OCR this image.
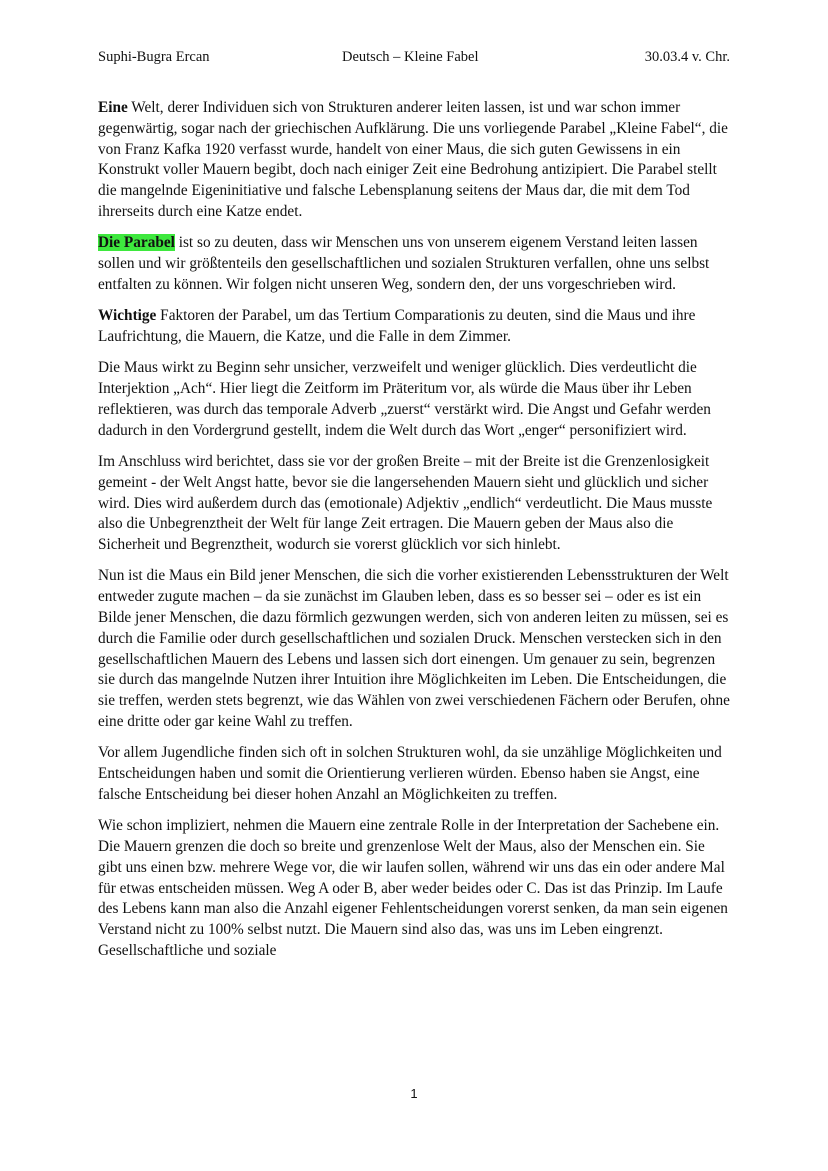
Suphi-Bugra Ercan	Deutsch – Kleine Fabel	30.03.4 v. Chr.

Eine Welt, derer Individuen sich von Strukturen anderer leiten lassen, ist und war schon immer gegenwärtig, sogar nach der griechischen Aufklärung. Die uns vorliegende Parabel „Kleine Fabel“, die von Franz Kafka 1920 verfasst wurde, handelt von einer Maus, die sich guten Gewissens in ein Konstrukt voller Mauern begibt, doch nach einiger Zeit eine Bedrohung antizipiert. Die Parabel stellt die mangelnde Eigeninitiative und falsche Lebensplanung seitens der Maus dar, die mit dem Tod ihrerseits durch eine Katze endet.

Die Parabel ist so zu deuten, dass wir Menschen uns von unserem eigenem Verstand leiten lassen sollen und wir größtenteils den gesellschaftlichen und sozialen Strukturen verfallen, ohne uns selbst entfalten zu können. Wir folgen nicht unseren Weg, sondern den, der uns vorgeschrieben wird.

Wichtige Faktoren der Parabel, um das Tertium Comparationis zu deuten, sind die Maus und ihre Laufrichtung, die Mauern, die Katze, und die Falle in dem Zimmer.

Die Maus wirkt zu Beginn sehr unsicher, verzweifelt und weniger glücklich. Dies verdeutlicht die Interjektion „Ach“. Hier liegt die Zeitform im Präteritum vor, als würde die Maus über ihr Leben reflektieren, was durch das temporale Adverb „zuerst“ verstärkt wird. Die Angst und Gefahr werden dadurch in den Vordergrund gestellt, indem die Welt durch das Wort „enger“ personifiziert wird.

Im Anschluss wird berichtet, dass sie vor der großen Breite – mit der Breite ist die Grenzenlosigkeit gemeint - der Welt Angst hatte, bevor sie die langersehenden Mauern sieht und glücklich und sicher wird. Dies wird außerdem durch das (emotionale) Adjektiv „endlich“ verdeutlicht. Die Maus musste also die Unbegrenztheit der Welt für lange Zeit ertragen. Die Mauern geben der Maus also die Sicherheit und Begrenztheit, wodurch sie vorerst glücklich vor sich hinlebt.

Nun ist die Maus ein Bild jener Menschen, die sich die vorher existierenden Lebensstrukturen der Welt entweder zugute machen – da sie zunächst im Glauben leben, dass es so besser sei – oder es ist ein Bilde jener Menschen, die dazu förmlich gezwungen werden, sich von anderen leiten zu müssen, sei es durch die Familie oder durch gesellschaftlichen und sozialen Druck. Menschen verstecken sich in den gesellschaftlichen Mauern des Lebens und lassen sich dort einengen. Um genauer zu sein, begrenzen sie durch das mangelnde Nutzen ihrer Intuition ihre Möglichkeiten im Leben. Die Entscheidungen, die sie treffen, werden stets begrenzt, wie das Wählen von zwei verschiedenen Fächern oder Berufen, ohne eine dritte oder gar keine Wahl zu treffen.

Vor allem Jugendliche finden sich oft in solchen Strukturen wohl, da sie unzählige Möglichkeiten und Entscheidungen haben und somit die Orientierung verlieren würden. Ebenso haben sie Angst, eine falsche Entscheidung bei dieser hohen Anzahl an Möglichkeiten zu treffen.

Wie schon impliziert, nehmen die Mauern eine zentrale Rolle in der Interpretation der Sachebene ein. Die Mauern grenzen die doch so breite und grenzenlose Welt der Maus, also der Menschen ein. Sie gibt uns einen bzw. mehrere Wege vor, die wir laufen sollen, während wir uns das ein oder andere Mal für etwas entscheiden müssen. Weg A oder B, aber weder beides oder C. Das ist das Prinzip. Im Laufe des Lebens kann man also die Anzahl eigener Fehlentscheidungen vorerst senken, da man sein eigenen Verstand nicht zu 100% selbst nutzt. Die Mauern sind also das, was uns im Leben eingrenzt. Gesellschaftliche und soziale

1
